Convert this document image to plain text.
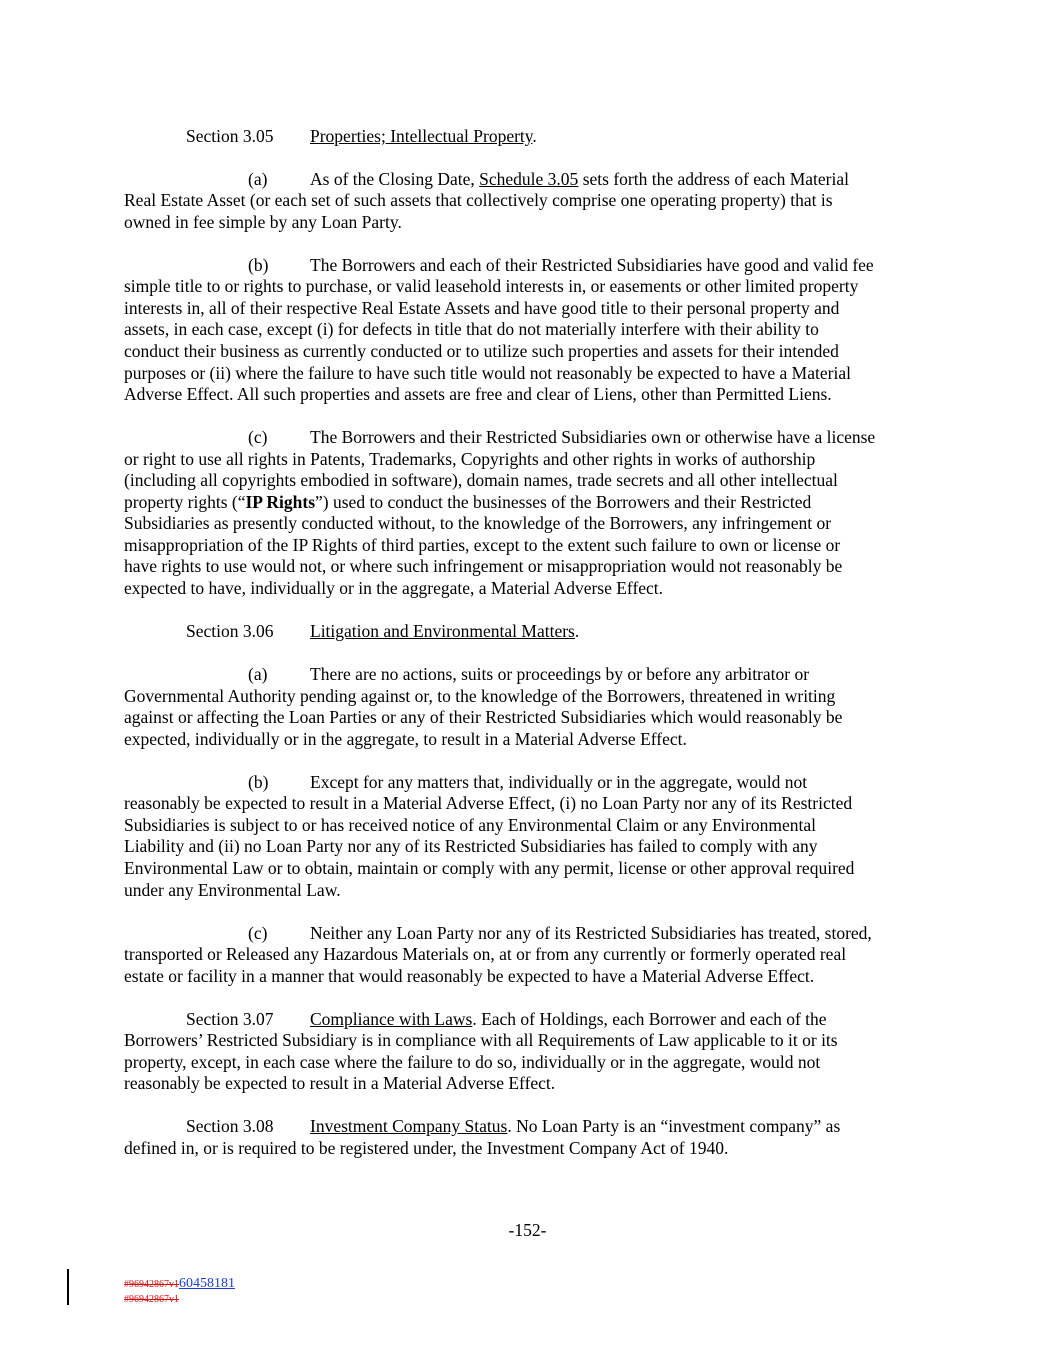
Section 3.05 Properties; Intellectual Property.
(a) As of the Closing Date, Schedule 3.05 sets forth the address of each Material
Real Estate Asset (or each set of such assets that collectively comprise one operating property) that is
owned in fee simple by any Loan Party.
(b) The Borrowers and each of their Restricted Subsidiaries have good and valid fee
simple title to or rights to purchase, or valid leasehold interests in, or easements or other limited property
interests in, all of their respective Real Estate Assets and have good title to their personal property and
assets, in each case, except (i) for defects in title that do not materially interfere with their ability to
conduct their business as currently conducted or to utilize such properties and assets for their intended
purposes or (ii) where the failure to have such title would not reasonably be expected to have a Material
Adverse Effect. All such properties and assets are free and clear of Liens, other than Permitted Liens.
(c) The Borrowers and their Restricted Subsidiaries own or otherwise have a license
or right to use all rights in Patents, Trademarks, Copyrights and other rights in works of authorship
(including all copyrights embodied in software), domain names, trade secrets and all other intellectual
property rights (“IP Rights”) used to conduct the businesses of the Borrowers and their Restricted
Subsidiaries as presently conducted without, to the knowledge of the Borrowers, any infringement or
misappropriation of the IP Rights of third parties, except to the extent such failure to own or license or
have rights to use would not, or where such infringement or misappropriation would not reasonably be
expected to have, individually or in the aggregate, a Material Adverse Effect.
Section 3.06 Litigation and Environmental Matters.
(a) There are no actions, suits or proceedings by or before any arbitrator or
Governmental Authority pending against or, to the knowledge of the Borrowers, threatened in writing
against or affecting the Loan Parties or any of their Restricted Subsidiaries which would reasonably be
expected, individually or in the aggregate, to result in a Material Adverse Effect.
(b) Except for any matters that, individually or in the aggregate, would not
reasonably be expected to result in a Material Adverse Effect, (i) no Loan Party nor any of its Restricted
Subsidiaries is subject to or has received notice of any Environmental Claim or any Environmental
Liability and (ii) no Loan Party nor any of its Restricted Subsidiaries has failed to comply with any
Environmental Law or to obtain, maintain or comply with any permit, license or other approval required
under any Environmental Law.
(c) Neither any Loan Party nor any of its Restricted Subsidiaries has treated, stored,
transported or Released any Hazardous Materials on, at or from any currently or formerly operated real
estate or facility in a manner that would reasonably be expected to have a Material Adverse Effect.
Section 3.07 Compliance with Laws. Each of Holdings, each Borrower and each of the
Borrowers’ Restricted Subsidiary is in compliance with all Requirements of Law applicable to it or its
property, except, in each case where the failure to do so, individually or in the aggregate, would not
reasonably be expected to result in a Material Adverse Effect.
Section 3.08 Investment Company Status. No Loan Party is an “investment company” as
defined in, or is required to be registered under, the Investment Company Act of 1940.
-152-
#96942867v160458181
#96942867v1
